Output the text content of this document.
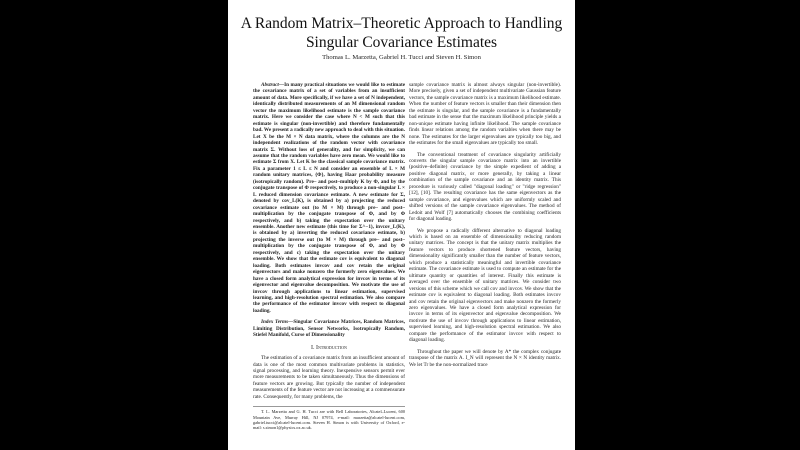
A Random Matrix–Theoretic Approach to Handling
Singular Covariance Estimates
Thomas L. Marzetta, Gabriel H. Tucci and Steven H. Simon

Abstract—In many practical situations we would like to estimate the covariance matrix of a set of variables from an insufficient amount of data. More specifically, if we have a set of N independent, identically distributed measurements of an M dimensional random vector the maximum likelihood estimate is the sample covariance matrix. Here we consider the case where N < M such that this estimate is singular (non-invertible) and therefore fundamentally bad. We present a radically new approach to deal with this situation. Let X be the M × N data matrix, where the columns are the N independent realizations of the random vector with covariance matrix Σ. Without loss of generality, and for simplicity, we can assume that the random variables have zero mean. We would like to estimate Σ from X. Let K be the classical sample covariance matrix. Fix a parameter 1 ≤ L ≤ N and consider an ensemble of L × M random unitary matrices, {Φ}, having Haar probability measure (isotropically random). Pre– and post–multiply K by Φ, and by the conjugate transpose of Φ respectively, to produce a non-singular L × L reduced dimension covariance estimate. A new estimate for Σ, denoted by cov_L(K), is obtained by a) projecting the reduced covariance estimate out (to M × M) through pre– and post–multiplication by the conjugate transpose of Φ, and by Φ respectively, and b) taking the expectation over the unitary ensemble. Another new estimate (this time for Σ^−1), invcov_L(K), is obtained by a) inverting the reduced covariance estimate, b) projecting the inverse out (to M × M) through pre– and post–multiplication by the conjugate transpose of Φ, and by Φ respectively, and c) taking the expectation over the unitary ensemble. We show that the estimate cov is equivalent to diagonal loading. Both estimates invcov and cov retain the original eigenvectors and make nonzero the formerly zero eigenvalues. We have a closed form analytical expression for invcov in terms of its eigenvector and eigenvalue decomposition. We motivate the use of invcov through applications to linear estimation, supervised learning, and high-resolution spectral estimation. We also compare the performance of the estimator invcov with respect to diagonal loading.

Index Terms—Singular Covariance Matrices, Random Matrices, Limiting Distribution, Sensor Networks, Isotropically Random, Stiefel Manifold, Curse of Dimensionality

I. Introduction

The estimation of a covariance matrix from an insufficient amount of data is one of the most common multivariate problems in statistics, signal processing, and learning theory. Inexpensive sensors permit ever more measurements to be taken simultaneously. Thus the dimensions of feature vectors are growing. But typically the number of independent measurements of the feature vector are not increasing at a commensurate rate. Consequently, for many problems, the

T. L. Marzetta and G. H. Tucci are with Bell Laboratories, Alcatel–Lucent, 600 Mountain Ave, Murray Hill, NJ 07974, e-mail: marzetta@alcatel-lucent.com, gabriel.tucci@alcatel-lucent.com. Steven H. Simon is with University of Oxford, e-mail: s.simon1@physics.ox.ac.uk.

sample covariance matrix is almost always singular (non-invertible). More precisely, given a set of independent multivariate Gaussian feature vectors, the sample covariance matrix is a maximum likelihood estimate. When the number of feature vectors is smaller than their dimension then the estimate is singular, and the sample covariance is a fundamentally bad estimate in the sense that the maximum likelihood principle yields a non-unique estimate having infinite likelihood. The sample covariance finds linear relations among the random variables when there may be none. The estimates for the larger eigenvalues are typically too big, and the estimates for the small eigenvalues are typically too small.

The conventional treatment of covariance singularity artificially converts the singular sample covariance matrix into an invertible (positive–definite) covariance by the simple expedient of adding a positive diagonal matrix, or more generally, by taking a linear combination of the sample covariance and an identity matrix. This procedure is variously called "diagonal loading" or "ridge regression" [12], [10]. The resulting covariance has the same eigenvectors as the sample covariance, and eigenvalues which are uniformly scaled and shifted versions of the sample covariance eigenvalues. The method of Ledoit and Wolf [7] automatically chooses the combining coefficients for diagonal loading.

We propose a radically different alternative to diagonal loading which is based on an ensemble of dimensionality reducing random unitary matrices. The concept is that the unitary matrix multiplies the feature vectors to produce shortened feature vectors, having dimensionality significantly smaller than the number of feature vectors, which produce a statistically meaningful and invertible covariance estimate. The covariance estimate is used to compute an estimate for the ultimate quantity or quantities of interest. Finally this estimate is averaged over the ensemble of unitary matrices. We consider two versions of this scheme which we call cov and invcov. We show that the estimate cov is equivalent to diagonal loading. Both estimates invcov and cov retain the original eigenvectors and make nonzero the formerly zero eigenvalues. We have a closed form analytical expression for invcov in terms of its eigenvector and eigenvalue decomposition. We motivate the use of invcov through applications to linear estimation, supervised learning, and high-resolution spectral estimation. We also compare the performance of the estimator invcov with respect to diagonal loading.

Throughout the paper we will denote by A* the complex conjugate transpose of the matrix A. I_N will represent the N × N identity matrix. We let Tr be the non-normalized trace
